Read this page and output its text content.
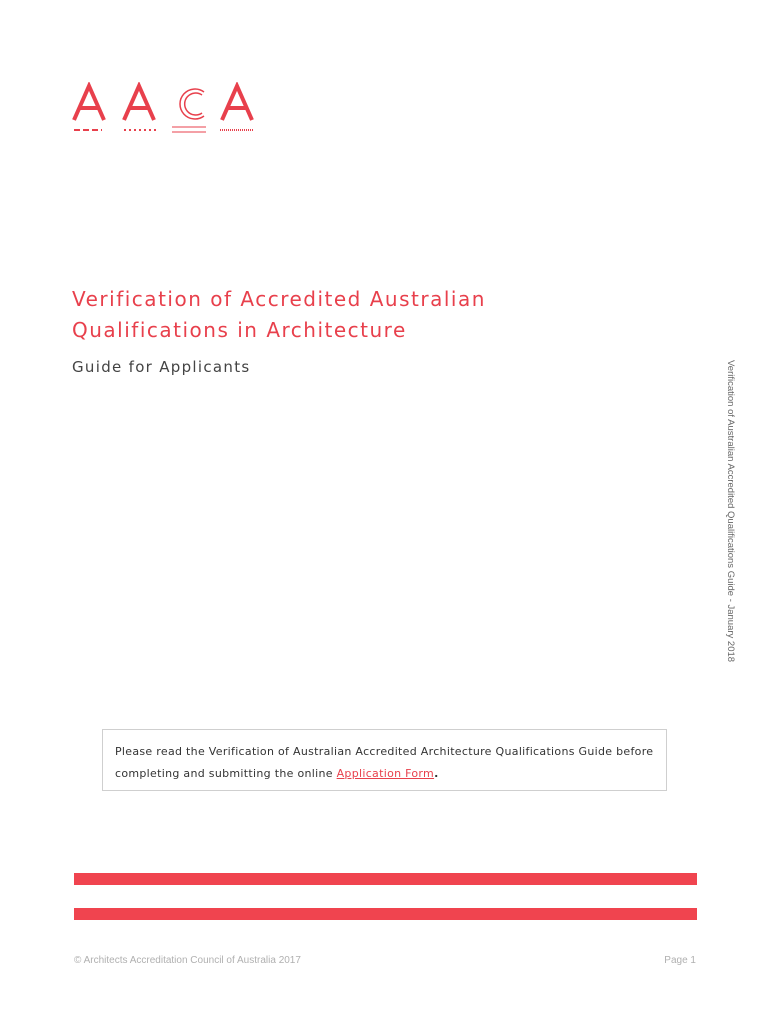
Verification of Accredited Australian Qualifications in Architecture
Guide for Applicants	Verification of Australian Accredited Qualifications Guide - January 2018
Please read the Verification of Australian Accredited Architecture Qualifications Guide before completing and submitting the online Application Form.
© Architects Accreditation Council of Australia 2017	Page 1
